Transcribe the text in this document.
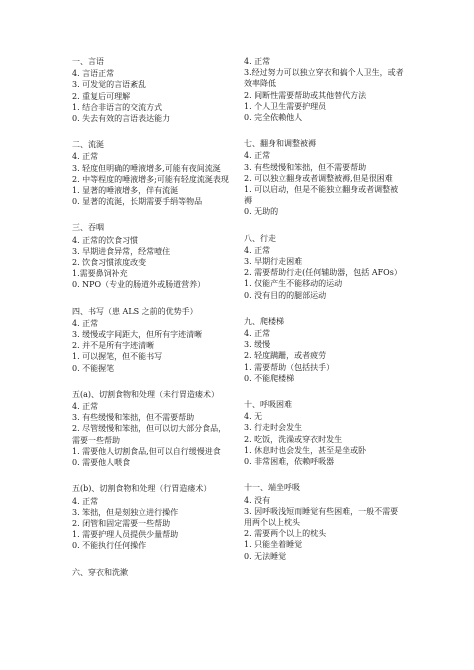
一、言语

4. 言语正常

3. 可发觉的言语紊乱

2. 重复后可理解

1. 结合非语言的交流方式

0. 失去有效的言语表达能力

二、流涎

4. 正常

3. 轻度但明确的唾液增多,可能有夜间流涎

2. 中等程度的唾液增多;可能有轻度流涎表现

1. 显著的唾液增多，伴有流涎

0. 显著的流涎，长期需要手绢等物品

三、吞咽

4. 正常的饮食习惯

3. 早期进食异常，经常噎住

2. 饮食习惯浓度改变

1.需要鼻饲补充

0. NPO（专业的肠道外或肠道营养）

四、书写（患 ALS 之前的优势手）

4. 正常

3. 缓慢或字间距大，但所有字迹清晰

2. 并不是所有字迹清晰

1. 可以握笔，但不能书写

0. 不能握笔

五(a)、切割食物和处理（未行胃造瘘术）

4. 正常

3. 有些缓慢和笨拙，但不需要帮助

2. 尽管缓慢和笨拙，但可以切大部分食品，需要一些帮助

1. 需要他人切割食品,但可以自行缓慢进食

0. 需要他人喂食

五(b)、切割食物和处理（行胃造瘘术）

4. 正常

3. 笨拙，但是刻独立进行操作

2. 闭管和固定需要一些帮助

1. 需要护理人员提供少量帮助

0. 不能执行任何操作

六、穿衣和洗漱

4. 正常

3.经过努力可以独立穿衣和搞个人卫生，或者效率降低

2. 间断性需要帮助或其他替代方法

1. 个人卫生需要护理员

0. 完全依赖他人

七、翻身和调整被褥

4. 正常

3. 有些缓慢和笨拙，但不需要帮助

2. 可以独立翻身或者调整被褥,但是很困难

1. 可以启动，但是不能独立翻身或者调整被褥

0. 无助的

八、行走

4. 正常

3. 早期行走困难

2. 需要帮助行走(任何辅助器，包括 AFOs）

1. 仅能产生不能移动的运动

0. 没有目的的腿部运动

九、爬楼梯

4. 正常

3. 缓慢

2. 轻度蹒跚，或者疲劳

1. 需要帮助（包括扶手）

0. 不能爬楼梯

十、呼吸困难

4. 无

3. 行走时会发生

2. 吃饭，洗澡或穿衣时发生

1. 休息时也会发生，甚至是坐或卧

0. 非常困难，依赖呼吸器

十一、端坐呼吸

4. 没有

3. 因呼吸浅短而睡觉有些困难，一般不需要用两个以上枕头

2. 需要两个以上的枕头

1. 只能坐着睡觉

0. 无法睡觉
